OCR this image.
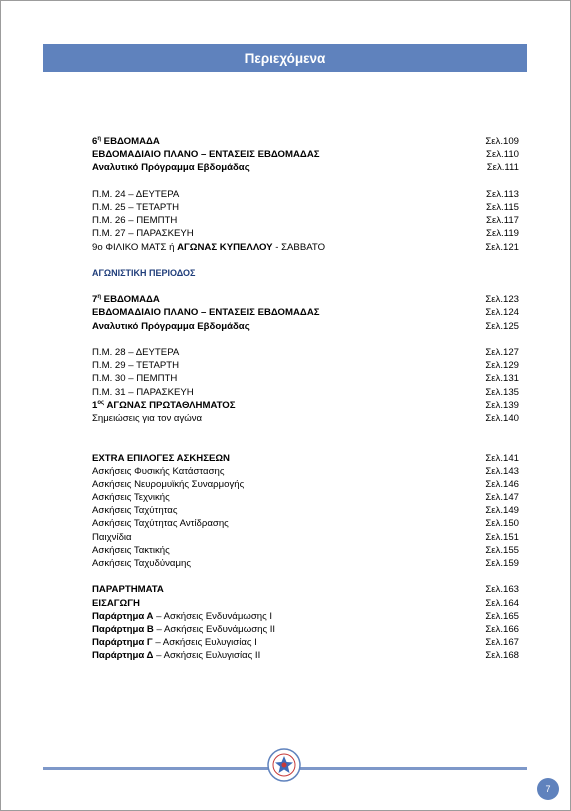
Περιεχόμενα
$6^\eta$ ΕΒΔΟΜΑΔΑ	Σελ.109
ΕΒΔΟΜΑΔΙΑΙΟ ΠΛΑΝΟ – ΕΝΤΑΣΕΙΣ ΕΒΔΟΜΑΔΑΣ	Σελ.110
Αναλυτικό Πρόγραμμα Εβδομάδας	Σελ.111
Π.Μ. 24 – ΔΕΥΤΕΡΑ	Σελ.113
Π.Μ. 25 – ΤΕΤΑΡΤΗ	Σελ.115
Π.Μ. 26 – ΠΕΜΠΤΗ	Σελ.117
Π.Μ. 27 – ΠΑΡΑΣΚΕΥΗ	Σελ.119
9ο ΦΙΛΙΚΟ ΜΑΤΣ ή ΑΓΩΝΑΣ ΚΥΠΕΛΛΟΥ - ΣΑΒΒΑΤΟ	Σελ.121
ΑΓΩΝΙΣΤΙΚΗ ΠΕΡΙΟΔΟΣ
$7^\eta$ ΕΒΔΟΜΑΔΑ	Σελ.123
ΕΒΔΟΜΑΔΙΑΙΟ ΠΛΑΝΟ – ΕΝΤΑΣΕΙΣ ΕΒΔΟΜΑΔΑΣ	Σελ.124
Αναλυτικό Πρόγραμμα Εβδομάδας	Σελ.125
Π.Μ. 28 – ΔΕΥΤΕΡΑ	Σελ.127
Π.Μ. 29 – ΤΕΤΑΡΤΗ	Σελ.129
Π.Μ. 30 – ΠΕΜΠΤΗ	Σελ.131
Π.Μ. 31 – ΠΑΡΑΣΚΕΥΗ	Σελ.135
$1^{o\varsigma}$ ΑΓΩΝΑΣ ΠΡΩΤΑΘΛΗΜΑΤΟΣ	Σελ.139
Σημειώσεις για τον αγώνα	Σελ.140
EXTRA ΕΠΙΛΟΓΕΣ ΑΣΚΗΣΕΩΝ	Σελ.141
Ασκήσεις Φυσικής Κατάστασης	Σελ.143
Ασκήσεις Νευρομυϊκής Συναρμογής	Σελ.146
Ασκήσεις Τεχνικής	Σελ.147
Ασκήσεις Ταχύτητας	Σελ.149
Ασκήσεις Ταχύτητας Αντίδρασης	Σελ.150
Παιχνίδια	Σελ.151
Ασκήσεις Τακτικής	Σελ.155
Ασκήσεις Ταχυδύναμης	Σελ.159
ΠΑΡΑΡΤΗΜΑΤΑ	Σελ.163
ΕΙΣΑΓΩΓΗ	Σελ.164
Παράρτημα Α – Ασκήσεις Ενδυνάμωσης Ι	Σελ.165
Παράρτημα Β – Ασκήσεις Ενδυνάμωσης ΙΙ	Σελ.166
Παράρτημα Γ – Ασκήσεις Ευλυγισίας Ι	Σελ.167
Παράρτημα Δ – Ασκήσεις Ευλυγισίας ΙΙ	Σελ.168
7
